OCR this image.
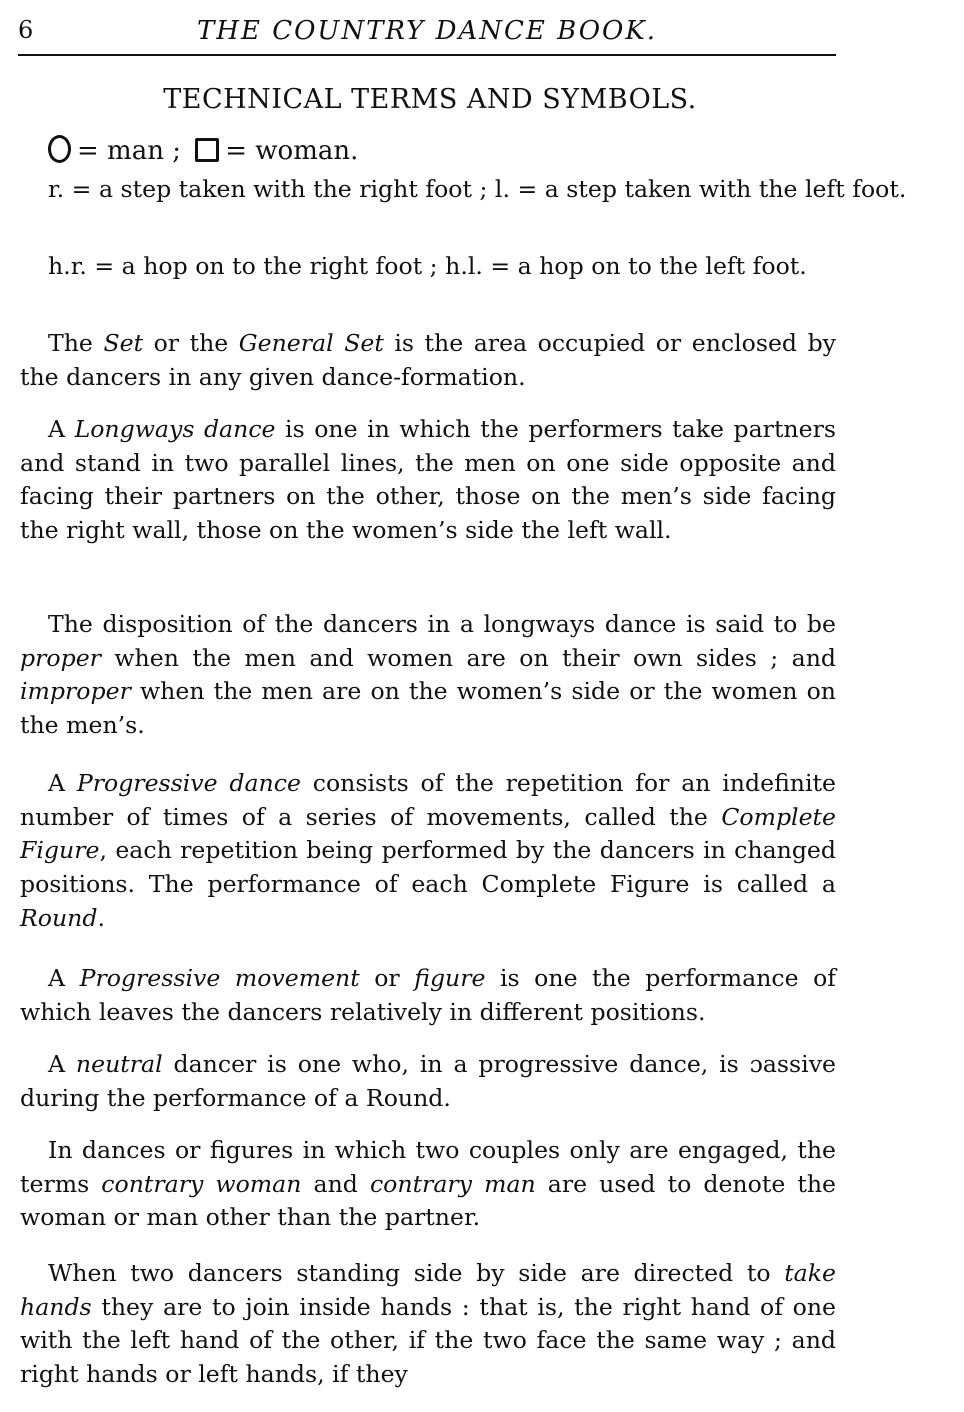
6	THE COUNTRY DANCE BOOK.
TECHNICAL TERMS AND SYMBOLS.
= man ; = woman.
r. = a step taken with the right foot ; l. = a step taken with the left foot.
h.r. = a hop on to the right foot ; h.l. = a hop on to the left foot.
The Set or the General Set is the area occupied or enclosed by the dancers in any given dance-formation.
A Longways dance is one in which the performers take partners and stand in two parallel lines, the men on one side opposite and facing their partners on the other, those on the men’s side facing the right wall, those on the women’s side the left wall.
The disposition of the dancers in a longways dance is said to be proper when the men and women are on their own sides ; and improper when the men are on the women’s side or the women on the men’s.
A Progressive dance consists of the repetition for an indefinite number of times of a series of movements, called the Complete Figure, each repetition being performed by the dancers in changed positions. The performance of each Complete Figure is called a Round.
A Progressive movement or figure is one the performance of which leaves the dancers relatively in different positions.
A neutral dancer is one who, in a progressive dance, is ɔassive during the performance of a Round.
In dances or figures in which two couples only are engaged, the terms contrary woman and contrary man are used to denote the woman or man other than the partner.
When two dancers standing side by side are directed to take hands they are to join inside hands : that is, the right hand of one with the left hand of the other, if the two face the same way ; and right hands or left hands, if they
